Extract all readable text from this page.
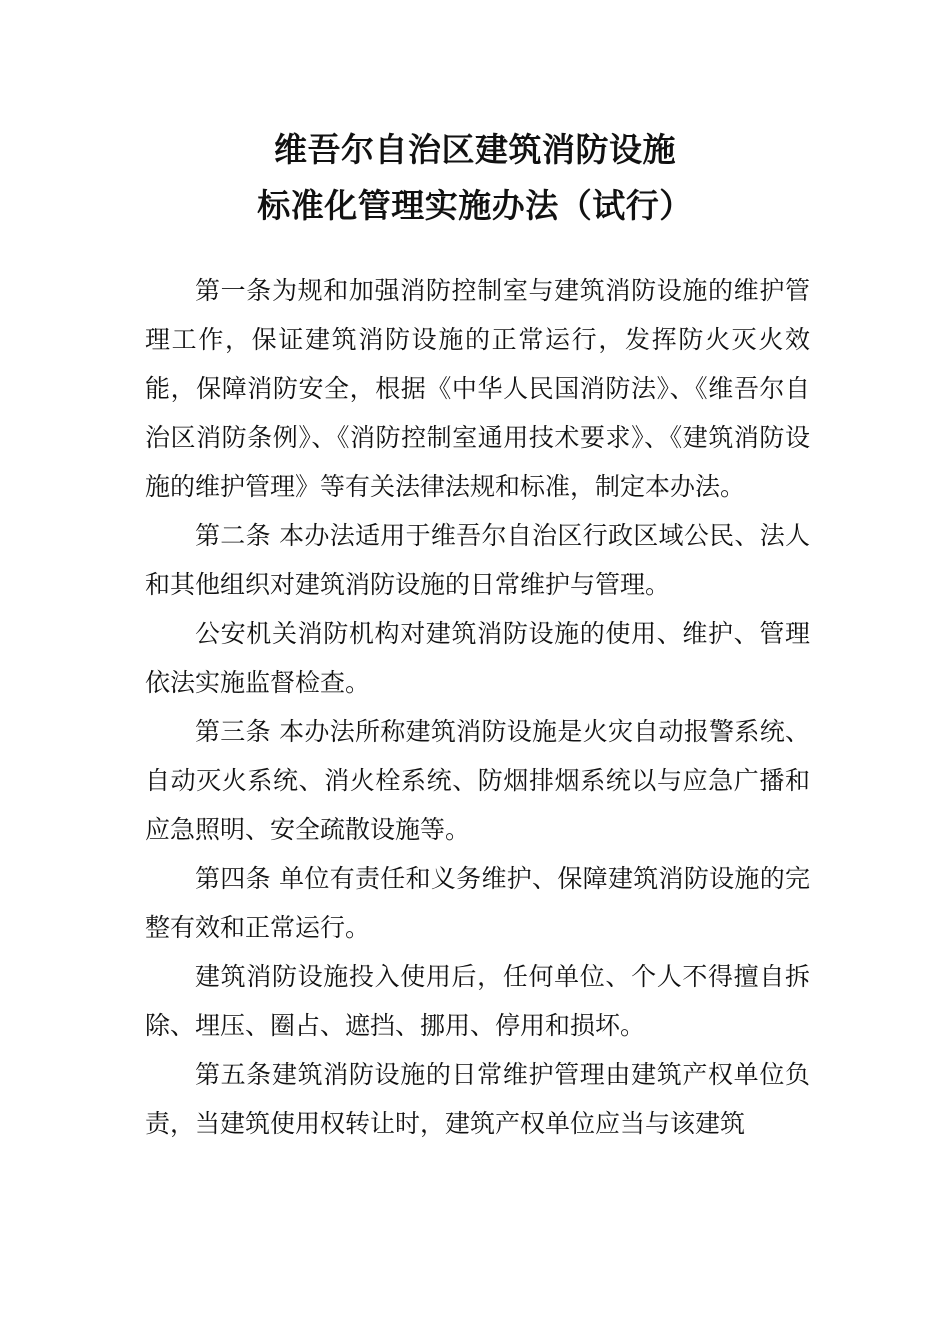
维吾尔自治区建筑消防设施
标准化管理实施办法（试行）

第一条为规和加强消防控制室与建筑消防设施的维护管理工作，保证建筑消防设施的正常运行，发挥防火灭火效能，保障消防安全，根据《中华人民国消防法》、《维吾尔自治区消防条例》、《消防控制室通用技术要求》、《建筑消防设施的维护管理》等有关法律法规和标准，制定本办法。

第二条 本办法适用于维吾尔自治区行政区域公民、法人和其他组织对建筑消防设施的日常维护与管理。

公安机关消防机构对建筑消防设施的使用、维护、管理依法实施监督检查。

第三条 本办法所称建筑消防设施是火灾自动报警系统、自动灭火系统、消火栓系统、防烟排烟系统以与应急广播和应急照明、安全疏散设施等。

第四条 单位有责任和义务维护、保障建筑消防设施的完整有效和正常运行。

建筑消防设施投入使用后，任何单位、个人不得擅自拆除、埋压、圈占、遮挡、挪用、停用和损坏。

第五条建筑消防设施的日常维护管理由建筑产权单位负责，当建筑使用权转让时，建筑产权单位应当与该建筑
